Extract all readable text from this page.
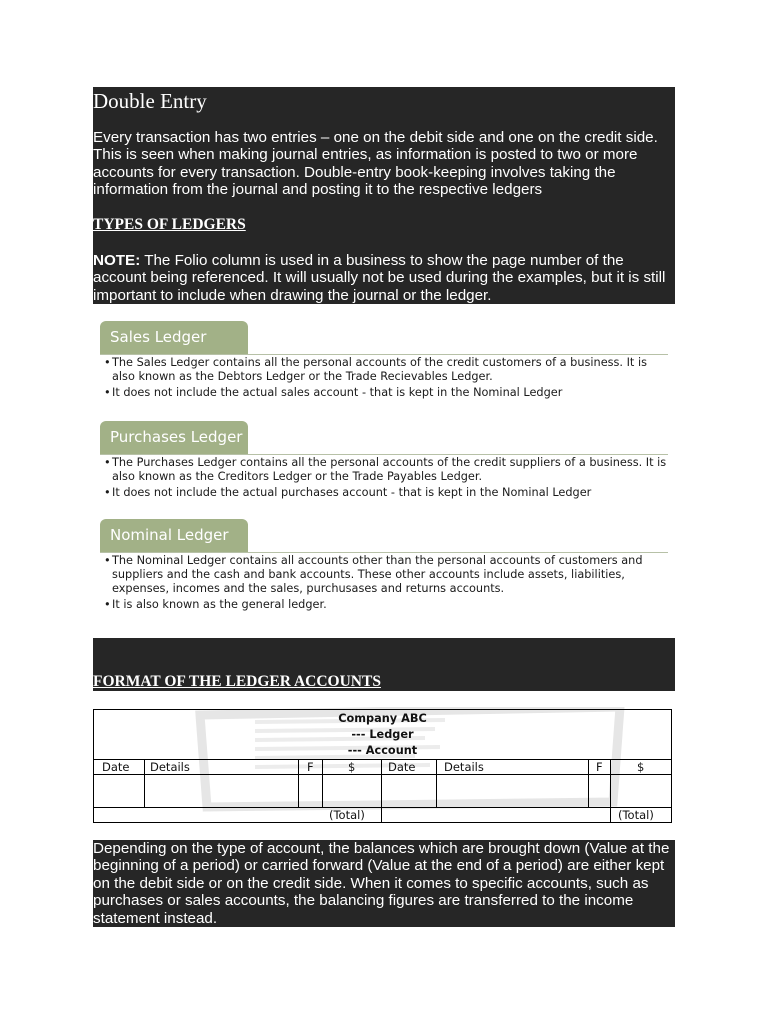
Double Entry
Every transaction has two entries – one on the debit side and one on the credit side. This is seen when making journal entries, as information is posted to two or more accounts for every transaction. Double-entry book-keeping involves taking the information from the journal and posting it to the respective ledgers
TYPES OF LEDGERS
NOTE: The Folio column is used in a business to show the page number of the account being referenced. It will usually not be used during the examples, but it is still important to include when drawing the journal or the ledger.
Sales Ledger
• The Sales Ledger contains all the personal accounts of the credit customers of a business. It is also known as the Debtors Ledger or the Trade Recievables Ledger.
• It does not include the actual sales account - that is kept in the Nominal Ledger
Purchases Ledger
• The Purchases Ledger contains all the personal accounts of the credit suppliers of a business. It is also known as the Creditors Ledger or the Trade Payables Ledger.
• It does not include the actual purchases account - that is kept in the Nominal Ledger
Nominal Ledger
• The Nominal Ledger contains all accounts other than the personal accounts of customers and suppliers and the cash and bank accounts. These other accounts include assets, liabilities, expenses, incomes and the sales, purchusases and returns accounts.
• It is also known as the general ledger.
FORMAT OF THE LEDGER ACCOUNTS
Company ABC
--- Ledger
--- Account
Date Details	F	$	Date Details	F	$
(Total)	(Total)
Depending on the type of account, the balances which are brought down (Value at the beginning of a period) or carried forward (Value at the end of a period) are either kept on the debit side or on the credit side. When it comes to specific accounts, such as purchases or sales accounts, the balancing figures are transferred to the income statement instead.
